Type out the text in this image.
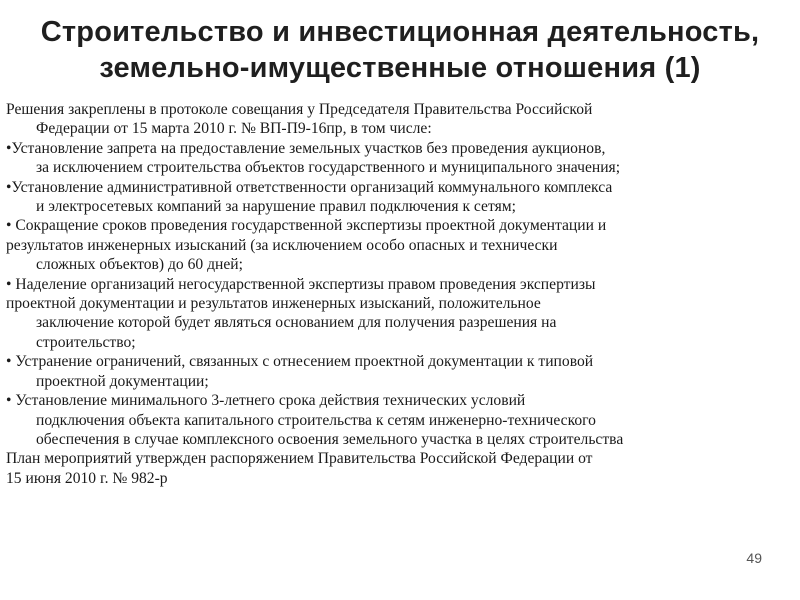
Строительство и инвестиционная деятельность,
земельно-имущественные отношения (1)
Решения закреплены в протоколе совещания у Председателя Правительства Российской
Федерации от 15 марта 2010 г. № ВП-П9-16пр, в том числе:
•Установление запрета на предоставление земельных участков без проведения аукционов,
за исключением строительства объектов государственного и муниципального значения;
•Установление административной ответственности организаций коммунального комплекса
и электросетевых компаний за нарушение правил подключения к сетям;
• Сокращение сроков проведения государственной экспертизы проектной документации и
результатов инженерных изысканий (за исключением особо опасных и технически
сложных объектов) до 60 дней;
• Наделение организаций негосударственной экспертизы правом проведения экспертизы
проектной документации и результатов инженерных изысканий, положительное
заключение которой будет являться основанием для получения разрешения на
строительство;
• Устранение ограничений, связанных с отнесением проектной документации к типовой
проектной документации;
• Установление минимального 3-летнего срока действия технических условий
подключения объекта капитального строительства к сетям инженерно-технического
обеспечения в случае комплексного освоения земельного участка в целях строительства
План мероприятий утвержден распоряжением Правительства Российской Федерации от
15 июня 2010 г. № 982-р
49
